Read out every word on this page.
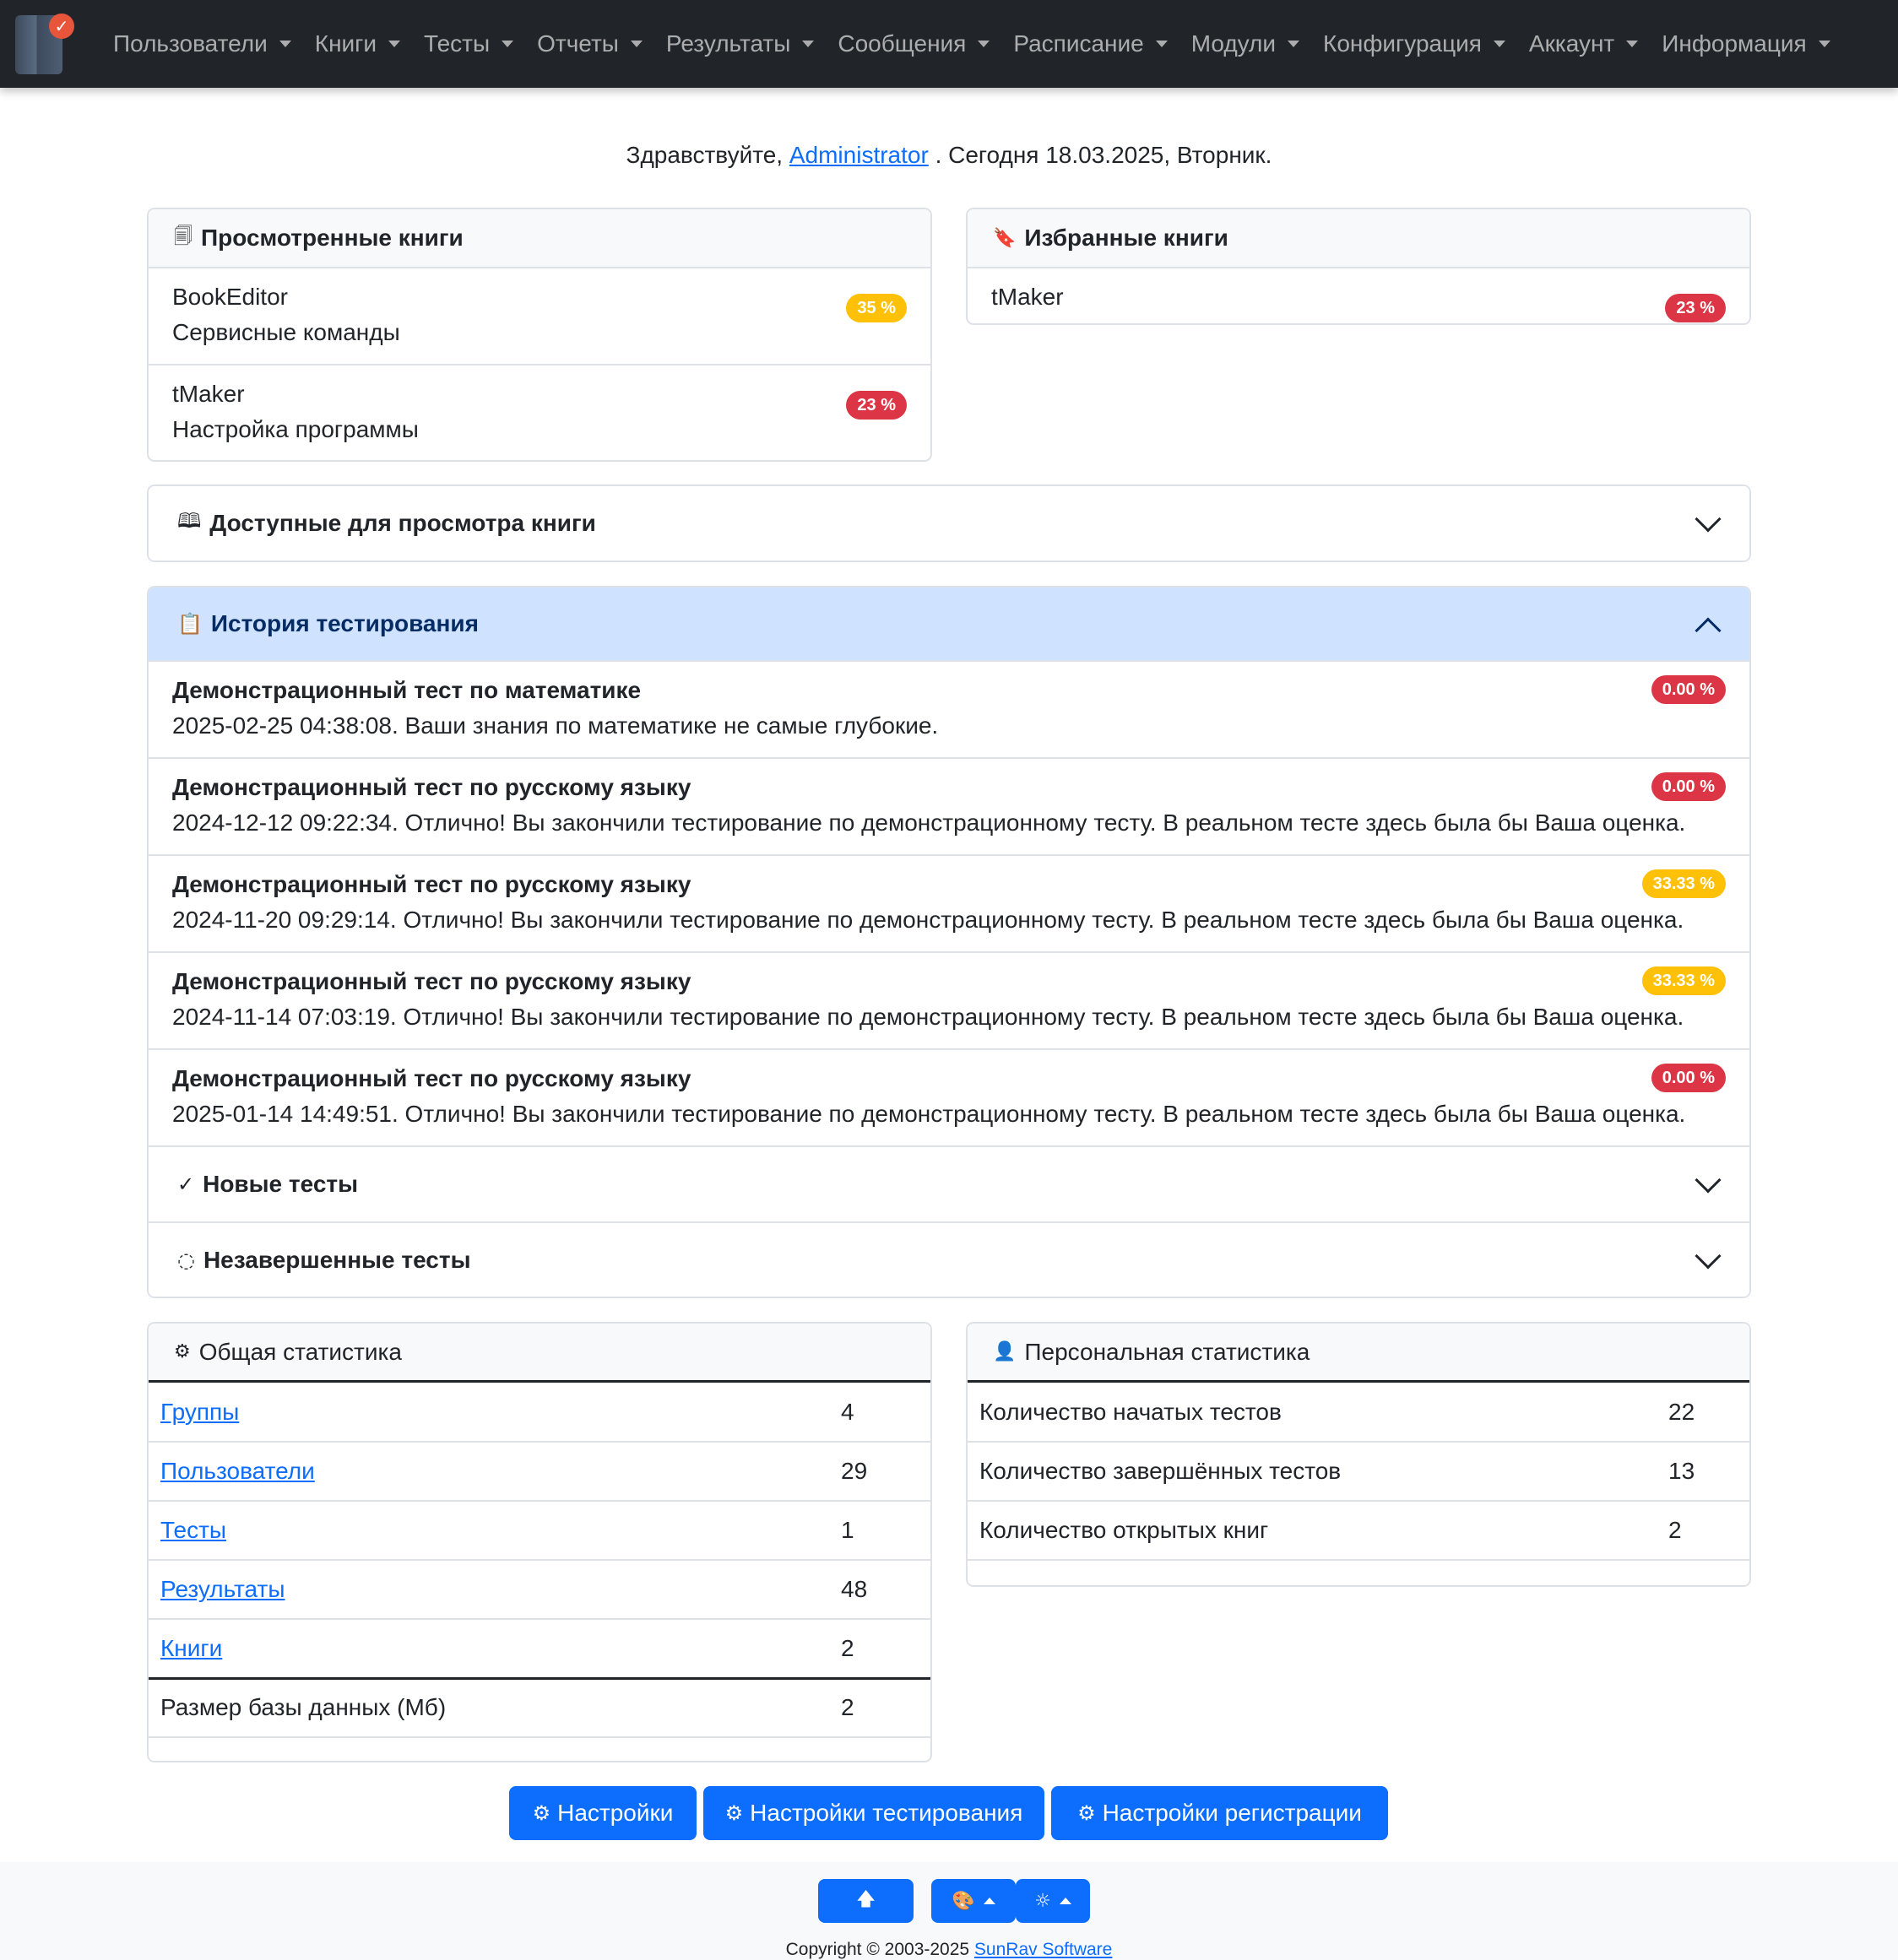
✓
Пользователи Книги Тесты Отчеты Результаты Сообщения Расписание Модули Конфигурация Аккаунт Информация
Здравствуйте, Administrator . Сегодня 18.03.2025, Вторник.
🗐 Просмотренные книги
BookEditor
Сервисные команды
35 %
tMaker
Настройка программы
23 %
🔖 Избранные книги
tMaker	23 %
🕮 Доступные для просмотра книги
📋 История тестирования
Демонстрационный тест по математике
2025-02-25 04:38:08. Ваши знания по математике не самые глубокие.
0.00 %
Демонстрационный тест по русскому языку
2024-12-12 09:22:34. Отлично! Вы закончили тестирование по демонстрационному тесту. В реальном тесте здесь была бы Ваша оценка.
0.00 %
Демонстрационный тест по русскому языку
2024-11-20 09:29:14. Отлично! Вы закончили тестирование по демонстрационному тесту. В реальном тесте здесь была бы Ваша оценка.
33.33 %
Демонстрационный тест по русскому языку
2024-11-14 07:03:19. Отлично! Вы закончили тестирование по демонстрационному тесту. В реальном тесте здесь была бы Ваша оценка.
33.33 %
Демонстрационный тест по русскому языку
2025-01-14 14:49:51. Отлично! Вы закончили тестирование по демонстрационному тесту. В реальном тесте здесь была бы Ваша оценка.
0.00 %
✓ Новые тесты
◌ Незавершенные тесты
⚙ Общая статистика
Группы	4
Пользователи	29
Тесты	1
Результаты	48
Книги	2
Размер базы данных (Мб)	2
👤 Персональная статистика
Количество начатых тестов	22
Количество завершённых тестов	13
Количество открытых книг	2
⚙ Настройки	⚙ Настройки тестирования	⚙ Настройки регистрации
🡅	🎨	☼
Copyright © 2003-2025 SunRav Software
